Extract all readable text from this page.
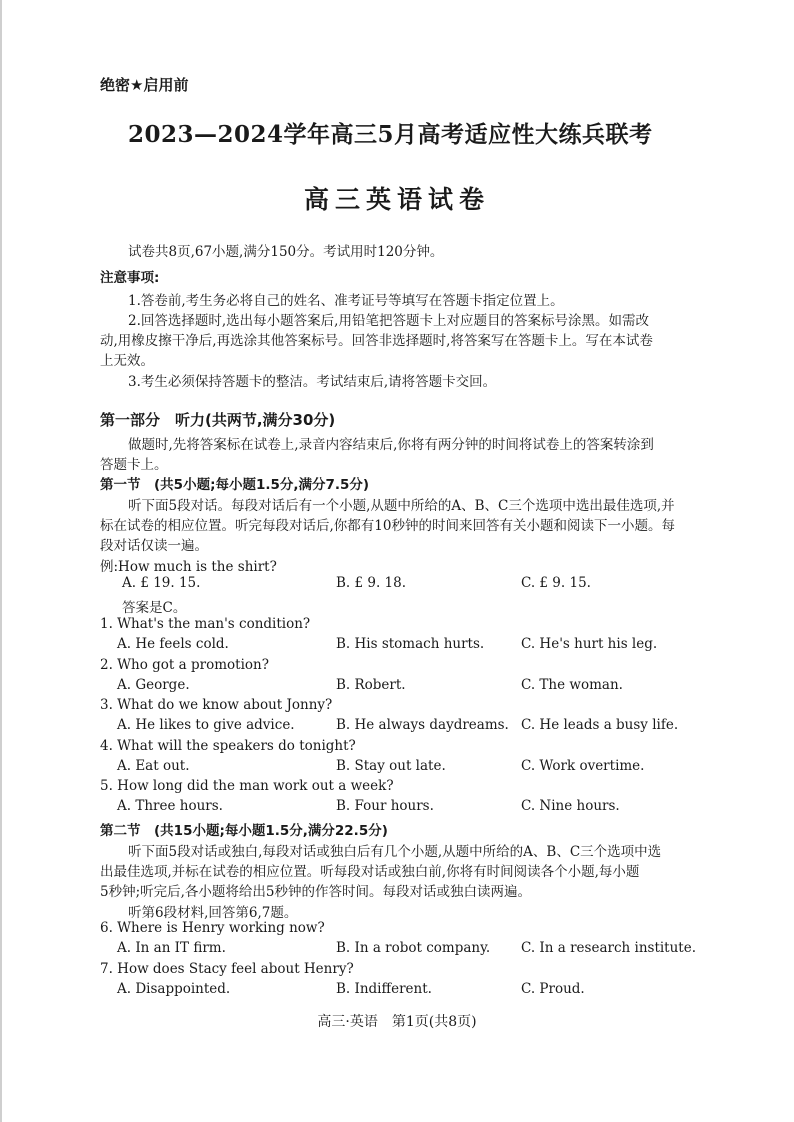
绝密★启用前
2023—2024学年高三5月高考适应性大练兵联考
高三英语试卷
试卷共8页,67小题,满分150分。考试用时120分钟。
注意事项:
1.答卷前,考生务必将自己的姓名、准考证号等填写在答题卡指定位置上。
2.回答选择题时,选出每小题答案后,用铅笔把答题卡上对应题目的答案标号涂黑。如需改
动,用橡皮擦干净后,再选涂其他答案标号。回答非选择题时,将答案写在答题卡上。写在本试卷
上无效。
3.考生必须保持答题卡的整洁。考试结束后,请将答题卡交回。
第一部分　听力(共两节,满分30分)
做题时,先将答案标在试卷上,录音内容结束后,你将有两分钟的时间将试卷上的答案转涂到
答题卡上。
第一节　(共5小题;每小题1.5分,满分7.5分)
听下面5段对话。每段对话后有一个小题,从题中所给的A、B、C三个选项中选出最佳选项,并
标在试卷的相应位置。听完每段对话后,你都有10秒钟的时间来回答有关小题和阅读下一小题。每
段对话仅读一遍。
例:How much is the shirt?
A. £ 19. 15.	B. £ 9. 18.	C. £ 9. 15.
答案是C。
1. What's the man's condition?
A. He feels cold.	B. His stomach hurts.	C. He's hurt his leg.
2. Who got a promotion?
A. George.	B. Robert.	C. The woman.
3. What do we know about Jonny?
A. He likes to give advice.	B. He always daydreams. C. He leads a busy life.
4. What will the speakers do tonight?
A. Eat out.	B. Stay out late.	C. Work overtime.
5. How long did the man work out a week?
A. Three hours.	B. Four hours.	C. Nine hours.
第二节　(共15小题;每小题1.5分,满分22.5分)
听下面5段对话或独白,每段对话或独白后有几个小题,从题中所给的A、B、C三个选项中选
出最佳选项,并标在试卷的相应位置。听每段对话或独白前,你将有时间阅读各个小题,每小题
5秒钟;听完后,各小题将给出5秒钟的作答时间。每段对话或独白读两遍。
听第6段材料,回答第6,7题。
6. Where is Henry working now?
A. In an IT firm.	B. In a robot company. C. In a research institute.
7. How does Stacy feel about Henry?
A. Disappointed.	B. Indifferent.	C. Proud.
高三·英语　第1页(共8页)
